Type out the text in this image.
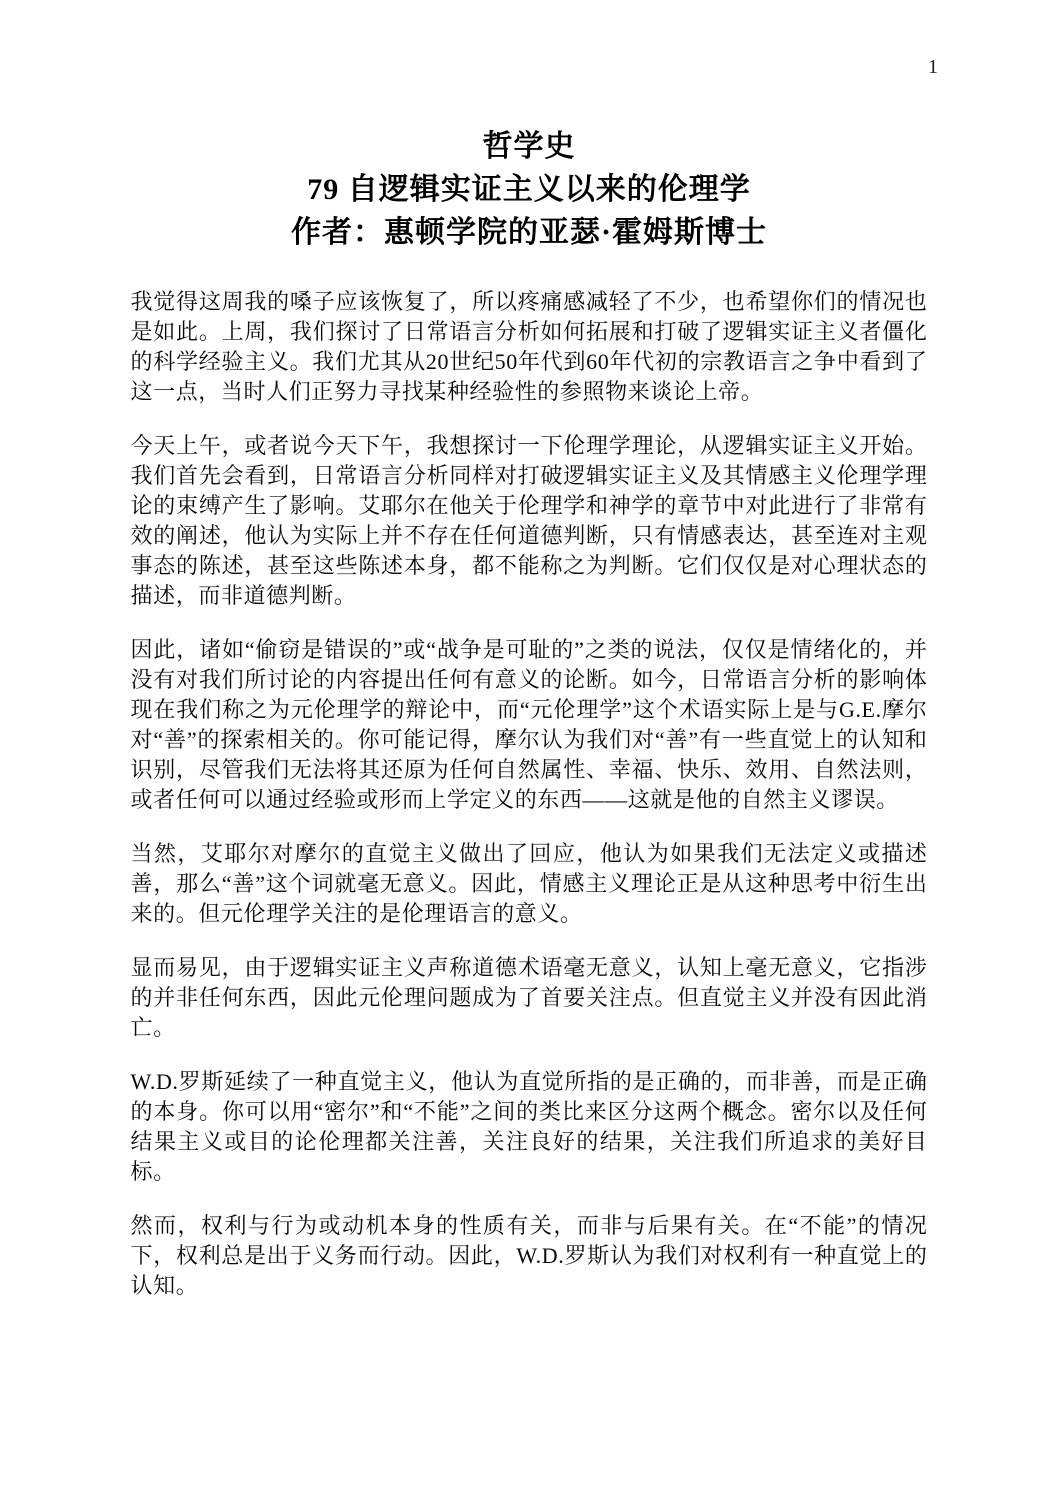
1
哲学史
79 自逻辑实证主义以来的伦理学
作者：惠顿学院的亚瑟·霍姆斯博士

我觉得这周我的嗓子应该恢复了，所以疼痛感减轻了不少，也希望你们的情况也是如此。上周，我们探讨了日常语言分析如何拓展和打破了逻辑实证主义者僵化的科学经验主义。我们尤其从20世纪50年代到60年代初的宗教语言之争中看到了这一点，当时人们正努力寻找某种经验性的参照物来谈论上帝。

今天上午，或者说今天下午，我想探讨一下伦理学理论，从逻辑实证主义开始。我们首先会看到，日常语言分析同样对打破逻辑实证主义及其情感主义伦理学理论的束缚产生了影响。艾耶尔在他关于伦理学和神学的章节中对此进行了非常有效的阐述，他认为实际上并不存在任何道德判断，只有情感表达，甚至连对主观事态的陈述，甚至这些陈述本身，都不能称之为判断。它们仅仅是对心理状态的描述，而非道德判断。

因此，诸如“偷窃是错误的”或“战争是可耻的”之类的说法，仅仅是情绪化的，并没有对我们所讨论的内容提出任何有意义的论断。如今，日常语言分析的影响体现在我们称之为元伦理学的辩论中，而“元伦理学”这个术语实际上是与G.E.摩尔对“善”的探索相关的。你可能记得，摩尔认为我们对“善”有一些直觉上的认知和识别，尽管我们无法将其还原为任何自然属性、幸福、快乐、效用、自然法则，或者任何可以通过经验或形而上学定义的东西——这就是他的自然主义谬误。

当然，艾耶尔对摩尔的直觉主义做出了回应，他认为如果我们无法定义或描述善，那么“善”这个词就毫无意义。因此，情感主义理论正是从这种思考中衍生出来的。但元伦理学关注的是伦理语言的意义。

显而易见，由于逻辑实证主义声称道德术语毫无意义，认知上毫无意义，它指涉的并非任何东西，因此元伦理问题成为了首要关注点。但直觉主义并没有因此消亡。

W.D.罗斯延续了一种直觉主义，他认为直觉所指的是正确的，而非善，而是正确的本身。你可以用“密尔”和“不能”之间的类比来区分这两个概念。密尔以及任何结果主义或目的论伦理都关注善，关注良好的结果，关注我们所追求的美好目标。

然而，权利与行为或动机本身的性质有关，而非与后果有关。在“不能”的情况下，权利总是出于义务而行动。因此，W.D.罗斯认为我们对权利有一种直觉上的认知。
